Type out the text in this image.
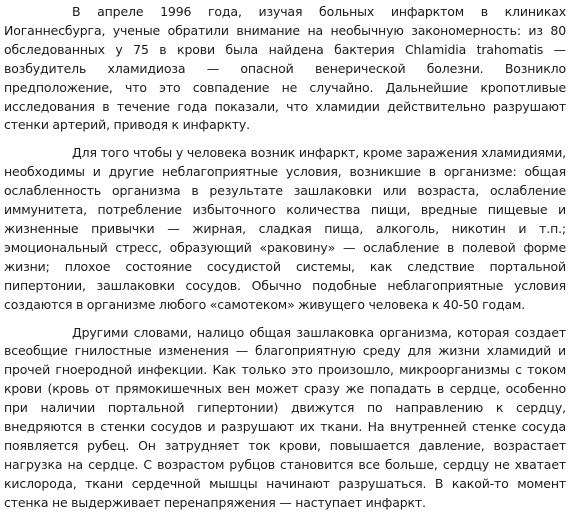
В апреле 1996 года, изучая больных инфарктом в клиниках Иоганнесбурга, ученые обратили внимание на необычную закономерность: из 80 обследованных у 75 в крови была найдена бактерия Chlamidia trahomatis — возбудитель хламидиоза — опасной венерической болезни. Возникло предположение, что это совпадение не случайно. Дальнейшие кропотливые исследования в течение года показали, что хламидии действительно разрушают стенки артерий, приводя к инфаркту.

Для того чтобы у человека возник инфаркт, кроме заражения хламидиями, необходимы и другие неблагоприятные условия, возникшие в организме: общая ослабленность организма в результате зашлаковки или возраста, ослабление иммунитета, потребление избыточного количества пищи, вредные пищевые и жизненные привычки — жирная, сладкая пища, алкоголь, никотин и т.п.; эмоциональный стресс, образующий «раковину» — ослабление в полевой форме жизни; плохое состояние сосудистой системы, как следствие портальной пипертонии, зашлаковки сосудов. Обычно подобные неблагоприятные условия создаются в организме любого «самотеком» живущего человека к 40-50 годам.

Другими словами, налицо общая зашлаковка организма, которая создает всеобщие гнилостные изменения — благоприятную среду для жизни хламидий и прочей гноеродной инфекции. Как только это произошло, микроорганизмы с током крови (кровь от прямокишечных вен может сразу же попадать в сердце, особенно при наличии портальной гипертонии) движутся по направлению к сердцу, внедряются в стенки сосудов и разрушают их ткани. На внутренней стенке сосуда появляется рубец. Он затрудняет ток крови, повышается давление, возрастает нагрузка на сердце. С возрастом рубцов становится все больше, сердцу не хватает кислорода, ткани сердечной мышцы начинают разрушаться. В какой-то момент стенка не выдерживает перенапряжения — наступает инфаркт.
